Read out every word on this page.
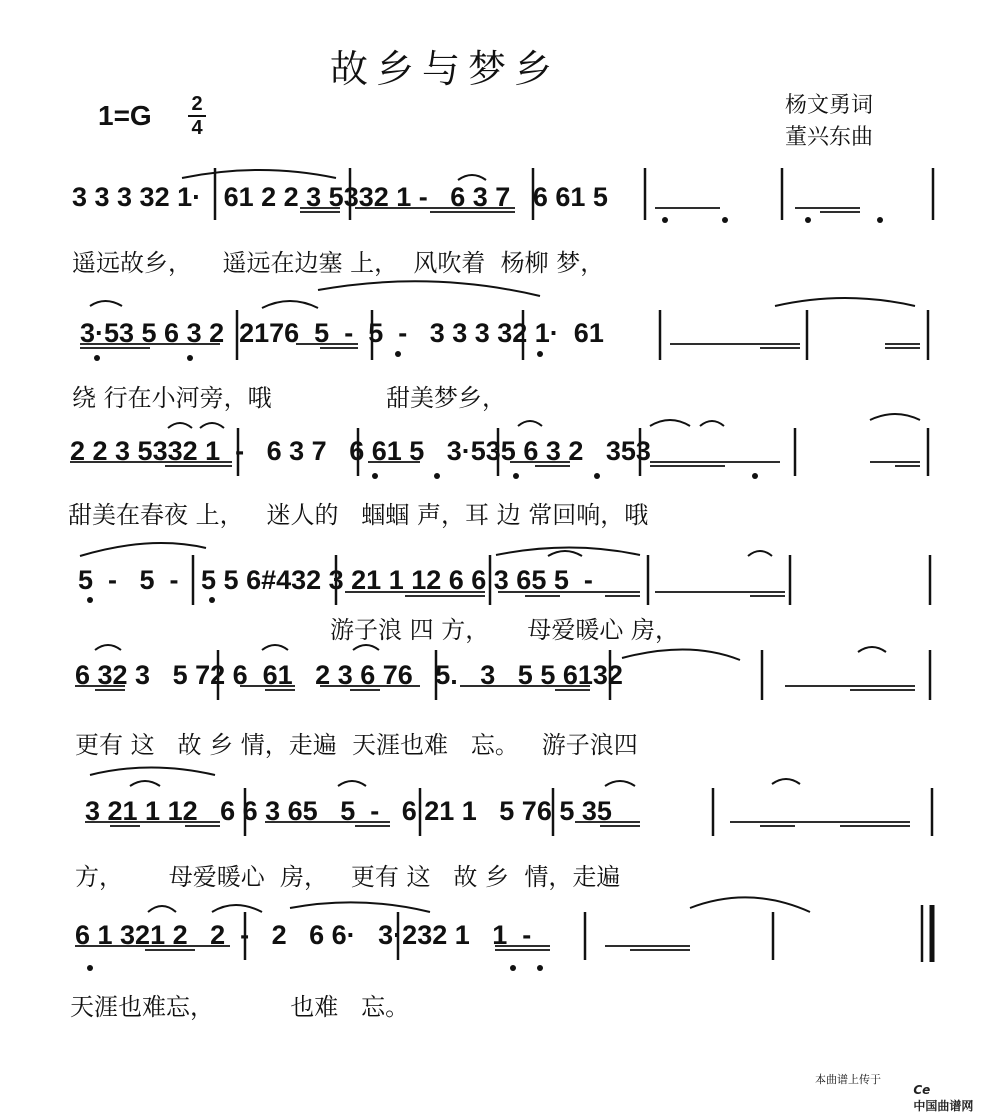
故乡与梦乡
1=G 2
4
杨文勇词
董兴东曲
3 3 3 32 1·   61 2 2 3 5332 1 -   6 3 7   6 61 5
遥远故乡，    遥远在边塞 上，  风吹着  杨柳 梦，
3·53 5 6 3 2  2176  5  -  5  -   3 3 3 32 1·  61
绕 行在小河旁，哦               甜美梦乡，
2 2 3 5332 1  -   6 3 7   6 61 5   3·535 6 3 2   353
甜美在春夜 上，   迷人的   蝈蝈 声，耳 边 常回响，哦
5  -   5  -   5 5 6#432 3 21 1 12 6 6 3 65 5  -
游子浪 四 方，     母爱暖心 房，
6 32 3   5 72 6  61   2 3 6 76   5.   3   5 5 6132
更有 这   故 乡 情，走遍  天涯也难   忘。   游子浪四
3 21 1 12   6 6 3 65   5  -   6 21 1   5 76 5 35
方，      母爱暖心  房，   更有 这   故 乡  情，走遍
6 1 321 2   2  -   2   6 6·   3·232 1   1  -
天涯也难忘，          也难   忘。
本曲谱上传于

Ce
中国曲谱网
